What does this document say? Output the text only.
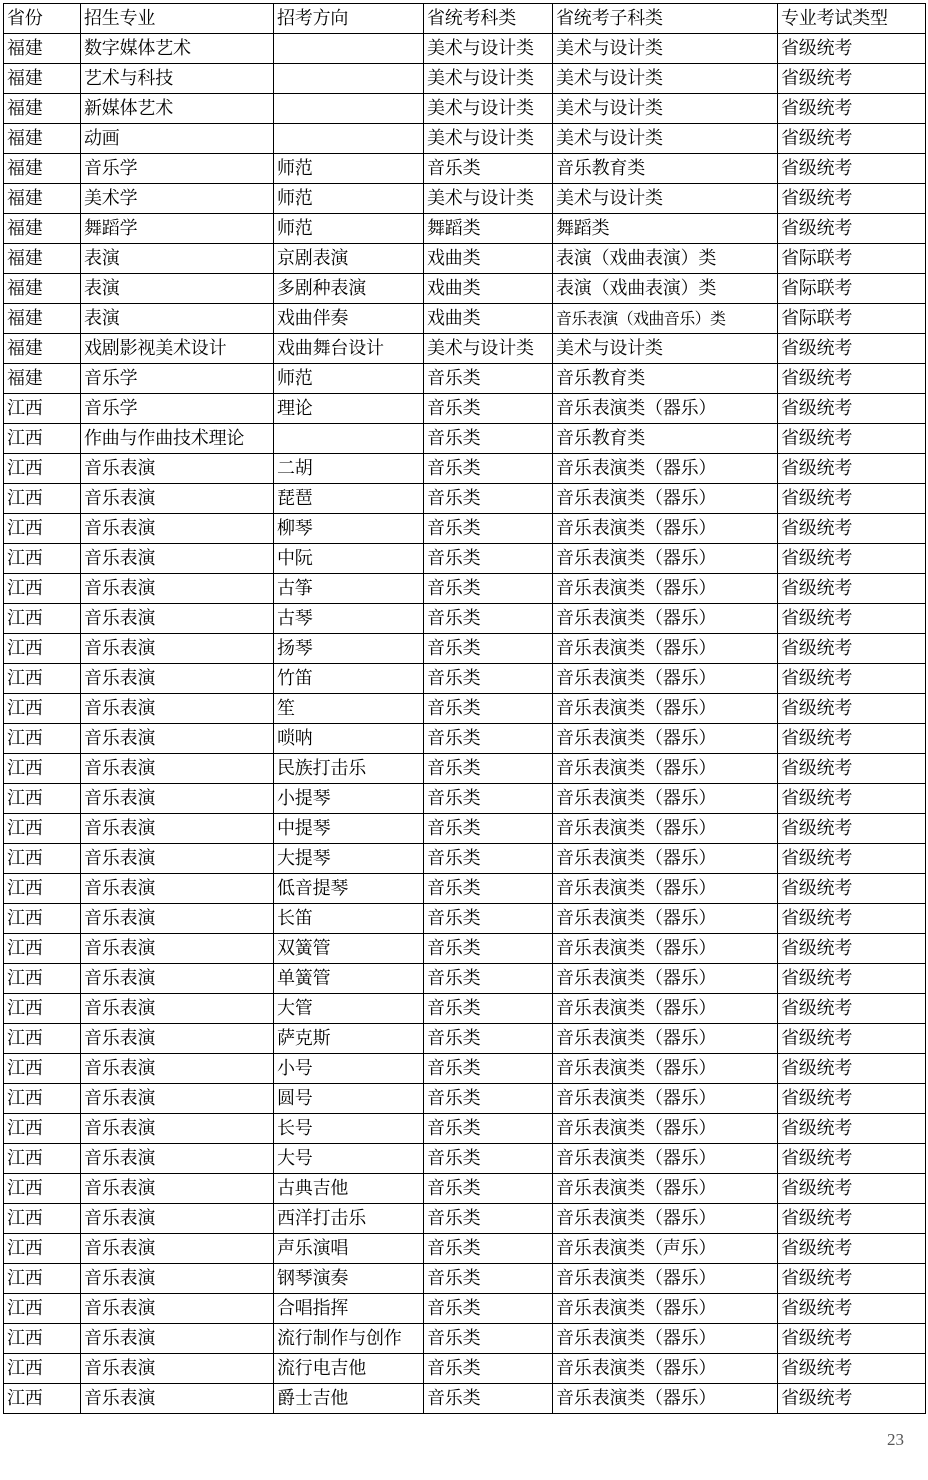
省份	招生专业	招考方向	省统考科类	省统考子科类	专业考试类型
福建	数字媒体艺术		美术与设计类	美术与设计类	省级统考
福建	艺术与科技		美术与设计类	美术与设计类	省级统考
福建	新媒体艺术		美术与设计类	美术与设计类	省级统考
福建	动画		美术与设计类	美术与设计类	省级统考
福建	音乐学	师范	音乐类	音乐教育类	省级统考
福建	美术学	师范	美术与设计类	美术与设计类	省级统考
福建	舞蹈学	师范	舞蹈类	舞蹈类	省级统考
福建	表演	京剧表演	戏曲类	表演（戏曲表演）类	省际联考
福建	表演	多剧种表演	戏曲类	表演（戏曲表演）类	省际联考
福建	表演	戏曲伴奏	戏曲类	音乐表演（戏曲音乐）类	省际联考
福建	戏剧影视美术设计	戏曲舞台设计	美术与设计类	美术与设计类	省级统考
福建	音乐学	师范	音乐类	音乐教育类	省级统考
江西	音乐学	理论	音乐类	音乐表演类（器乐）	省级统考
江西	作曲与作曲技术理论		音乐类	音乐教育类	省级统考
江西	音乐表演	二胡	音乐类	音乐表演类（器乐）	省级统考
江西	音乐表演	琵琶	音乐类	音乐表演类（器乐）	省级统考
江西	音乐表演	柳琴	音乐类	音乐表演类（器乐）	省级统考
江西	音乐表演	中阮	音乐类	音乐表演类（器乐）	省级统考
江西	音乐表演	古筝	音乐类	音乐表演类（器乐）	省级统考
江西	音乐表演	古琴	音乐类	音乐表演类（器乐）	省级统考
江西	音乐表演	扬琴	音乐类	音乐表演类（器乐）	省级统考
江西	音乐表演	竹笛	音乐类	音乐表演类（器乐）	省级统考
江西	音乐表演	笙	音乐类	音乐表演类（器乐）	省级统考
江西	音乐表演	唢呐	音乐类	音乐表演类（器乐）	省级统考
江西	音乐表演	民族打击乐	音乐类	音乐表演类（器乐）	省级统考
江西	音乐表演	小提琴	音乐类	音乐表演类（器乐）	省级统考
江西	音乐表演	中提琴	音乐类	音乐表演类（器乐）	省级统考
江西	音乐表演	大提琴	音乐类	音乐表演类（器乐）	省级统考
江西	音乐表演	低音提琴	音乐类	音乐表演类（器乐）	省级统考
江西	音乐表演	长笛	音乐类	音乐表演类（器乐）	省级统考
江西	音乐表演	双簧管	音乐类	音乐表演类（器乐）	省级统考
江西	音乐表演	单簧管	音乐类	音乐表演类（器乐）	省级统考
江西	音乐表演	大管	音乐类	音乐表演类（器乐）	省级统考
江西	音乐表演	萨克斯	音乐类	音乐表演类（器乐）	省级统考
江西	音乐表演	小号	音乐类	音乐表演类（器乐）	省级统考
江西	音乐表演	圆号	音乐类	音乐表演类（器乐）	省级统考
江西	音乐表演	长号	音乐类	音乐表演类（器乐）	省级统考
江西	音乐表演	大号	音乐类	音乐表演类（器乐）	省级统考
江西	音乐表演	古典吉他	音乐类	音乐表演类（器乐）	省级统考
江西	音乐表演	西洋打击乐	音乐类	音乐表演类（器乐）	省级统考
江西	音乐表演	声乐演唱	音乐类	音乐表演类（声乐）	省级统考
江西	音乐表演	钢琴演奏	音乐类	音乐表演类（器乐）	省级统考
江西	音乐表演	合唱指挥	音乐类	音乐表演类（器乐）	省级统考
江西	音乐表演	流行制作与创作	音乐类	音乐表演类（器乐）	省级统考
江西	音乐表演	流行电吉他	音乐类	音乐表演类（器乐）	省级统考
江西	音乐表演	爵士吉他	音乐类	音乐表演类（器乐）	省级统考
23
